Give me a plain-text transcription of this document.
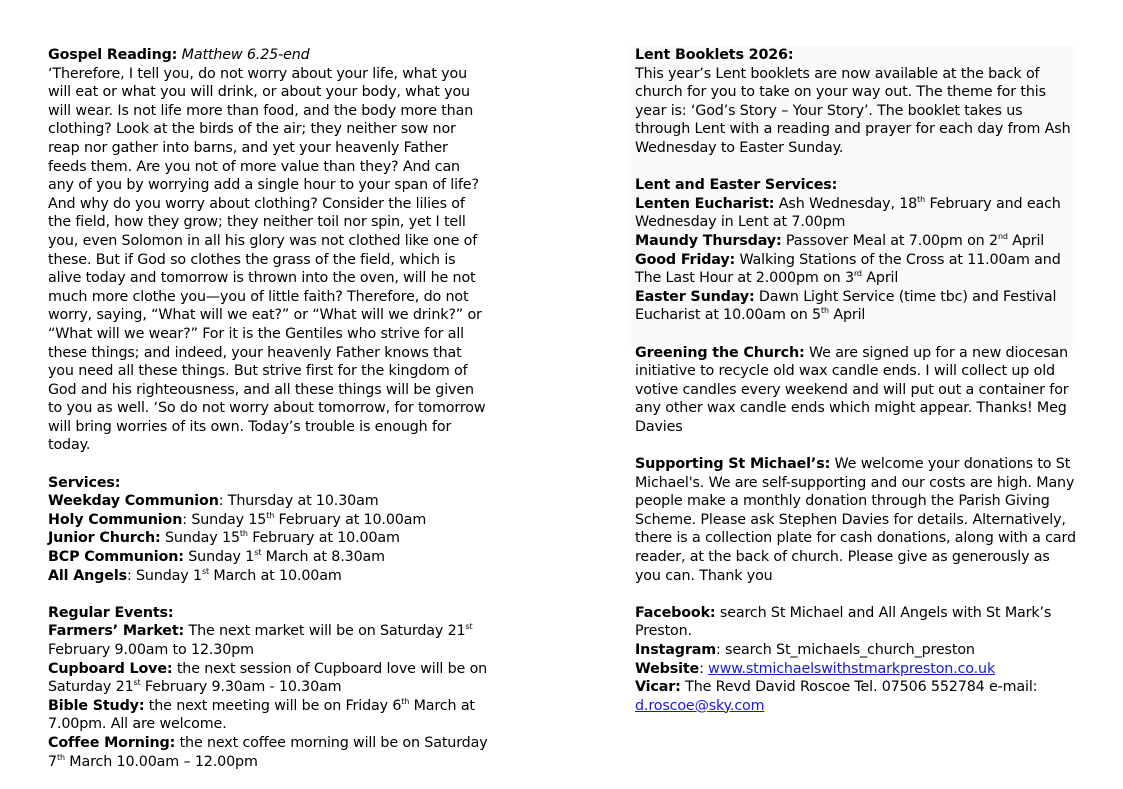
Gospel Reading: Matthew 6.25-end
‘Therefore, I tell you, do not worry about your life, what you will eat or what you will drink, or about your body, what you will wear. Is not life more than food, and the body more than clothing? Look at the birds of the air; they neither sow nor reap nor gather into barns, and yet your heavenly Father feeds them. Are you not of more value than they? And can any of you by worrying add a single hour to your span of life? And why do you worry about clothing? Consider the lilies of the field, how they grow; they neither toil nor spin, yet I tell you, even Solomon in all his glory was not clothed like one of these. But if God so clothes the grass of the field, which is alive today and tomorrow is thrown into the oven, will he not much more clothe you—you of little faith? Therefore, do not worry, saying, “What will we eat?” or “What will we drink?” or “What will we wear?” For it is the Gentiles who strive for all these things; and indeed, your heavenly Father knows that you need all these things. But strive first for the kingdom of God and his righteousness, and all these things will be given to you as well. ‘So do not worry about tomorrow, for tomorrow will bring worries of its own. Today’s trouble is enough for today.

Services:

Weekday Communion: Thursday at 10.30am

Holy Communion: Sunday 15th February at 10.00am

Junior Church: Sunday 15th February at 10.00am

BCP Communion: Sunday 1st March at 8.30am

All Angels: Sunday 1st March at 10.00am

Regular Events:

Farmers’ Market: The next market will be on Saturday 21st February 9.00am to 12.30pm

Cupboard Love: the next session of Cupboard love will be on Saturday 21st February 9.30am - 10.30am

Bible Study: the next meeting will be on Friday 6th March at 7.00pm. All are welcome.

Coffee Morning: the next coffee morning will be on Saturday 7th March 10.00am – 12.00pm

Lent Booklets 2026:

This year’s Lent booklets are now available at the back of church for you to take on your way out. The theme for this year is: ‘God’s Story – Your Story’. The booklet takes us through Lent with a reading and prayer for each day from Ash Wednesday to Easter Sunday.

Lent and Easter Services:

Lenten Eucharist: Ash Wednesday, 18th February and each Wednesday in Lent at 7.00pm

Maundy Thursday: Passover Meal at 7.00pm on 2nd April

Good Friday: Walking Stations of the Cross at 11.00am and The Last Hour at 2.000pm on 3rd April

Easter Sunday: Dawn Light Service (time tbc) and Festival Eucharist at 10.00am on 5th April

Greening the Church: We are signed up for a new diocesan initiative to recycle old wax candle ends. I will collect up old votive candles every weekend and will put out a container for any other wax candle ends which might appear. Thanks! Meg Davies

Supporting St Michael’s: We welcome your donations to St Michael's. We are self-supporting and our costs are high. Many people make a monthly donation through the Parish Giving Scheme. Please ask Stephen Davies for details. Alternatively, there is a collection plate for cash donations, along with a card reader, at the back of church. Please give as generously as you can. Thank you

Facebook: search St Michael and All Angels with St Mark’s Preston.

Instagram: search St_michaels_church_preston

Website: www.stmichaelswithstmarkpreston.co.uk

Vicar: The Revd David Roscoe Tel. 07506 552784 e-mail: d.roscoe@sky.com
